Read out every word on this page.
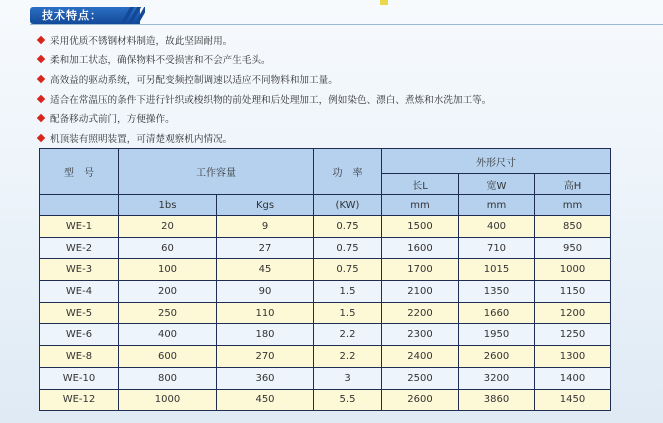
技术特点：
采用优质不锈钢材料制造，故此坚固耐用。
柔和加工状态，确保物料不受损害和不会产生毛头。
高效益的驱动系统，可另配变频控制调速以适应不同物料和加工量。
适合在常温压的条件下进行针织或梭织物的前处理和后处理加工，例如染色、漂白、煮炼和水洗加工等。
配备移动式前门，方便操作。
机顶装有照明装置，可清楚观察机内情况。
型　号	工作容量		功　率	外形尺寸		
				长L	宽W	高H
	1bs	Kgs	(KW)	mm	mm	mm
WE-1	20	9	0.75	1500	400	850
WE-2	60	27	0.75	1600	710	950
WE-3	100	45	0.75	1700	1015	1000
WE-4	200	90	1.5	2100	1350	1150
WE-5	250	110	1.5	2200	1660	1200
WE-6	400	180	2.2	2300	1950	1250
WE-8	600	270	2.2	2400	2600	1300
WE-10	800	360	3	2500	3200	1400
WE-12	1000	450	5.5	2600	3860	1450
